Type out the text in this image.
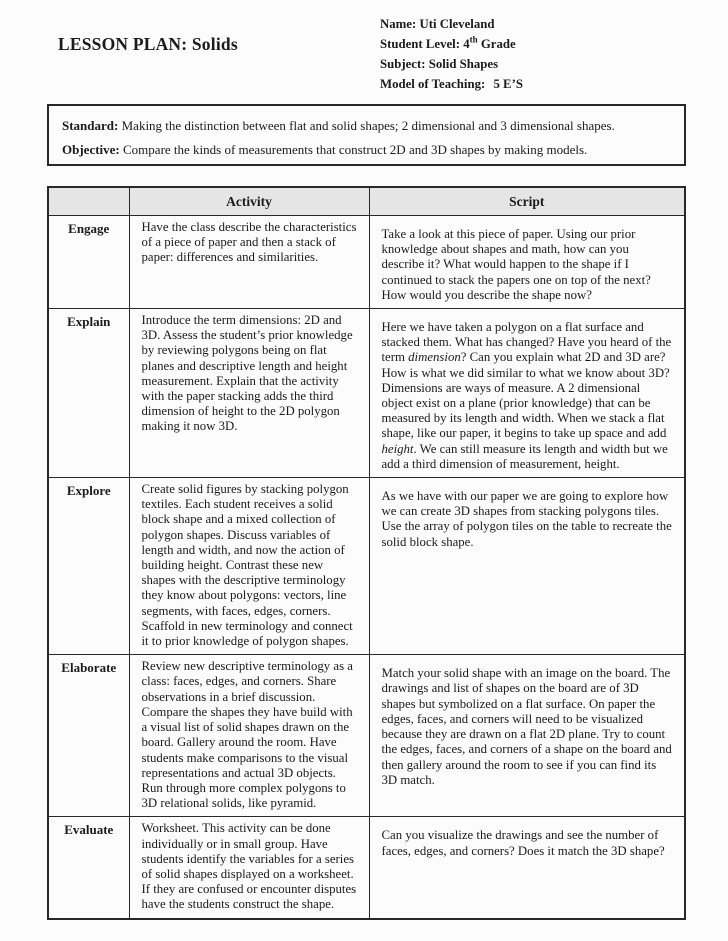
LESSON PLAN: Solids
Name: Uti Cleveland
Student Level: 4th Grade
Subject: Solid Shapes
Model of Teaching: 5 E’S

Standard: Making the distinction between flat and solid shapes; 2 dimensional and 3 dimensional shapes.

Objective: Compare the kinds of measurements that construct 2D and 3D shapes by making models.

	Activity	Script
Engage	Have the class describe the characteristics of a piece of paper and then a stack of paper: differences and similarities.	Take a look at this piece of paper. Using our prior knowledge about shapes and math, how can you describe it? What would happen to the shape if I continued to stack the papers one on top of the next? How would you describe the shape now?
Explain	Introduce the term dimensions: 2D and 3D. Assess the student’s prior knowledge by reviewing polygons being on flat planes and descriptive length and height measurement. Explain that the activity with the paper stacking adds the third dimension of height to the 2D polygon making it now 3D.	Here we have taken a polygon on a flat surface and stacked them. What has changed? Have you heard of the term dimension? Can you explain what 2D and 3D are? How is what we did similar to what we know about 3D? Dimensions are ways of measure. A 2 dimensional object exist on a plane (prior knowledge) that can be measured by its length and width. When we stack a flat shape, like our paper, it begins to take up space and add height. We can still measure its length and width but we add a third dimension of measurement, height.
Explore	Create solid figures by stacking polygon textiles. Each student receives a solid block shape and a mixed collection of polygon shapes. Discuss variables of length and width, and now the action of building height. Contrast these new shapes with the descriptive terminology they know about polygons: vectors, line segments, with faces, edges, corners. Scaffold in new terminology and connect it to prior knowledge of polygon shapes.	As we have with our paper we are going to explore how we can create 3D shapes from stacking polygons tiles. Use the array of polygon tiles on the table to recreate the solid block shape.
Elaborate	Review new descriptive terminology as a class: faces, edges, and corners. Share observations in a brief discussion. Compare the shapes they have build with a visual list of solid shapes drawn on the board. Gallery around the room. Have students make comparisons to the visual representations and actual 3D objects. Run through more complex polygons to 3D relational solids, like pyramid.	Match your solid shape with an image on the board. The drawings and list of shapes on the board are of 3D shapes but symbolized on a flat surface. On paper the edges, faces, and corners will need to be visualized because they are drawn on a flat 2D plane. Try to count the edges, faces, and corners of a shape on the board and then gallery around the room to see if you can find its 3D match.
Evaluate	Worksheet. This activity can be done individually or in small group. Have students identify the variables for a series of solid shapes displayed on a worksheet. If they are confused or encounter disputes have the students construct the shape.	Can you visualize the drawings and see the number of faces, edges, and corners? Does it match the 3D shape?
